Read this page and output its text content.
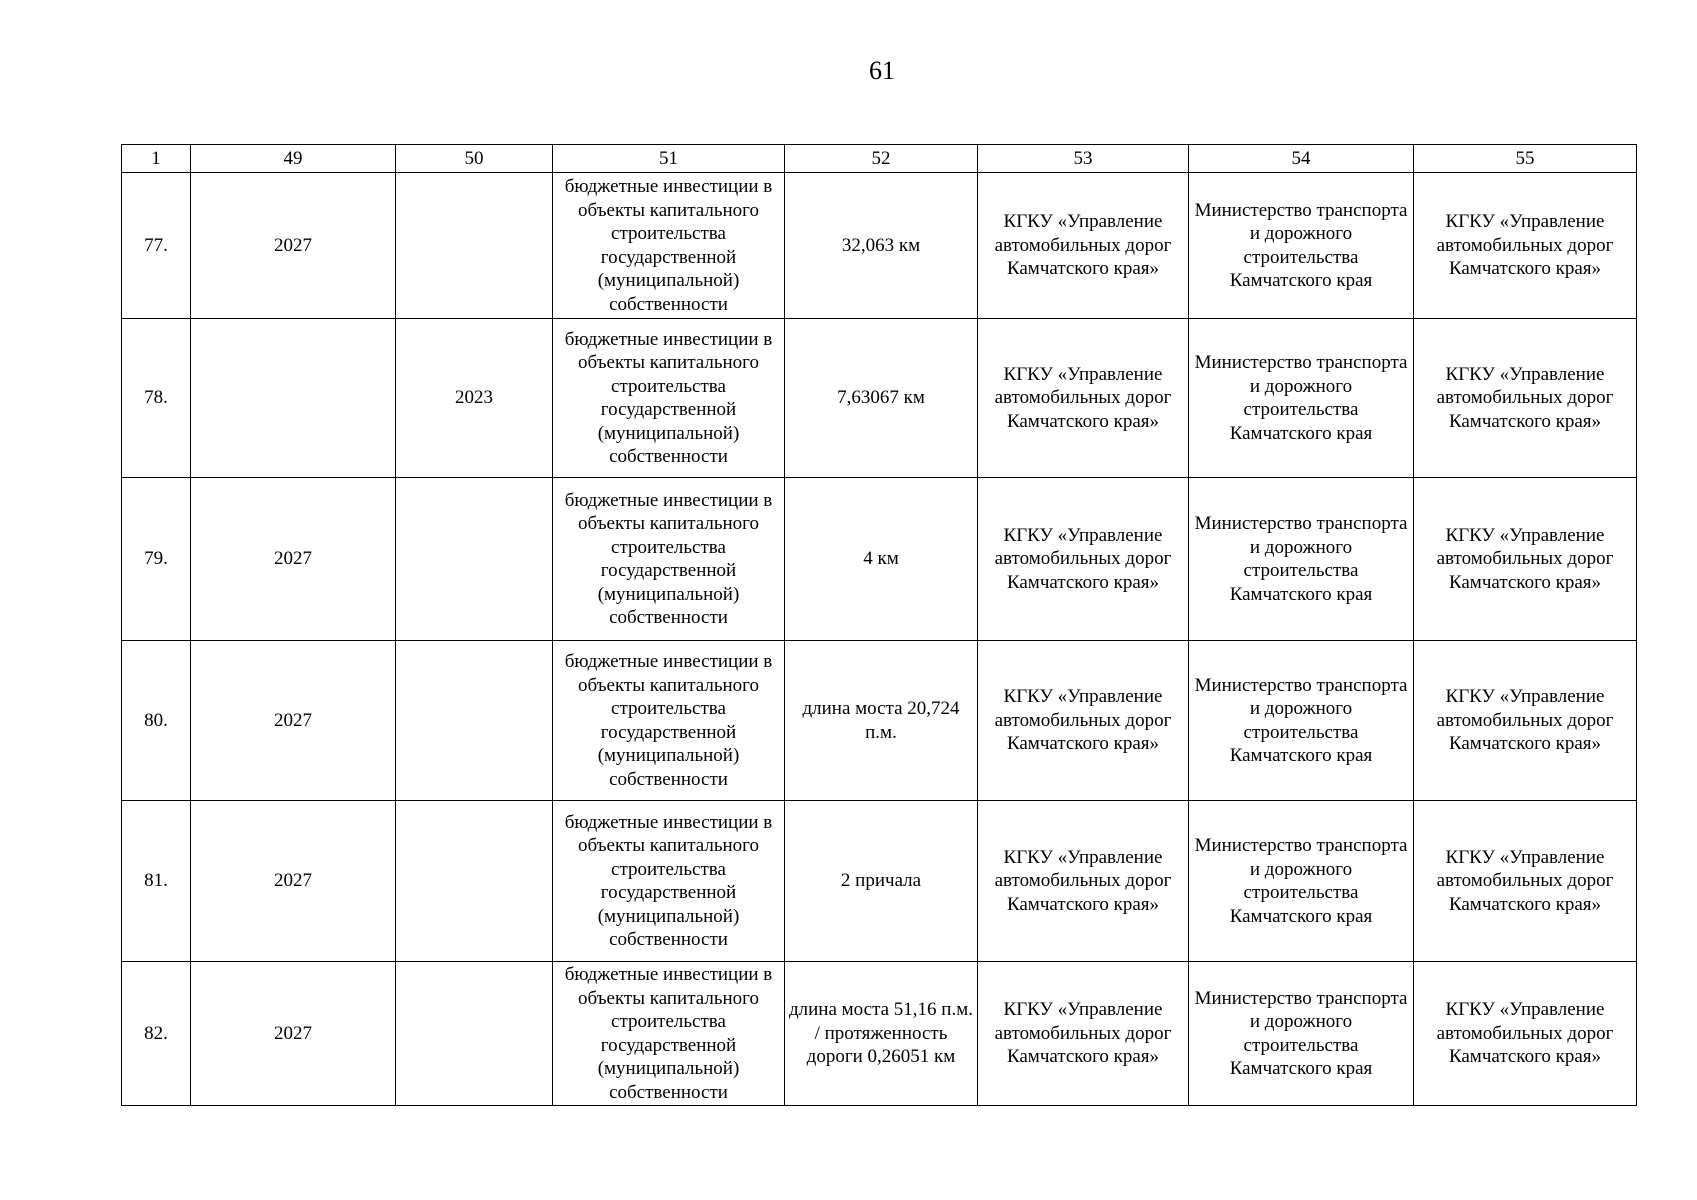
61
1	49	50	51	52	53	54	55
77.	2027		бюджетные инвестиции в объекты капитального строительства государственной (муниципальной) собственности	32,063 км	КГКУ «Управление автомобильных дорог Камчатского края»	Министерство транспорта и дорожного строительства Камчатского края	КГКУ «Управление автомобильных дорог Камчатского края»
78.		2023	бюджетные инвестиции в объекты капитального строительства государственной (муниципальной) собственности	7,63067 км	КГКУ «Управление автомобильных дорог Камчатского края»	Министерство транспорта и дорожного строительства Камчатского края	КГКУ «Управление автомобильных дорог Камчатского края»
79.	2027		бюджетные инвестиции в объекты капитального строительства государственной (муниципальной) собственности	4 км	КГКУ «Управление автомобильных дорог Камчатского края»	Министерство транспорта и дорожного строительства Камчатского края	КГКУ «Управление автомобильных дорог Камчатского края»
80.	2027		бюджетные инвестиции в объекты капитального строительства государственной (муниципальной) собственности	длина моста 20,724 п.м.	КГКУ «Управление автомобильных дорог Камчатского края»	Министерство транспорта и дорожного строительства Камчатского края	КГКУ «Управление автомобильных дорог Камчатского края»
81.	2027		бюджетные инвестиции в объекты капитального строительства государственной (муниципальной) собственности	2 причала	КГКУ «Управление автомобильных дорог Камчатского края»	Министерство транспорта и дорожного строительства Камчатского края	КГКУ «Управление автомобильных дорог Камчатского края»
82.	2027		бюджетные инвестиции в объекты капитального строительства государственной (муниципальной) собственности	длина моста 51,16 п.м. / протяженность дороги 0,26051 км	КГКУ «Управление автомобильных дорог Камчатского края»	Министерство транспорта и дорожного строительства Камчатского края	КГКУ «Управление автомобильных дорог Камчатского края»
